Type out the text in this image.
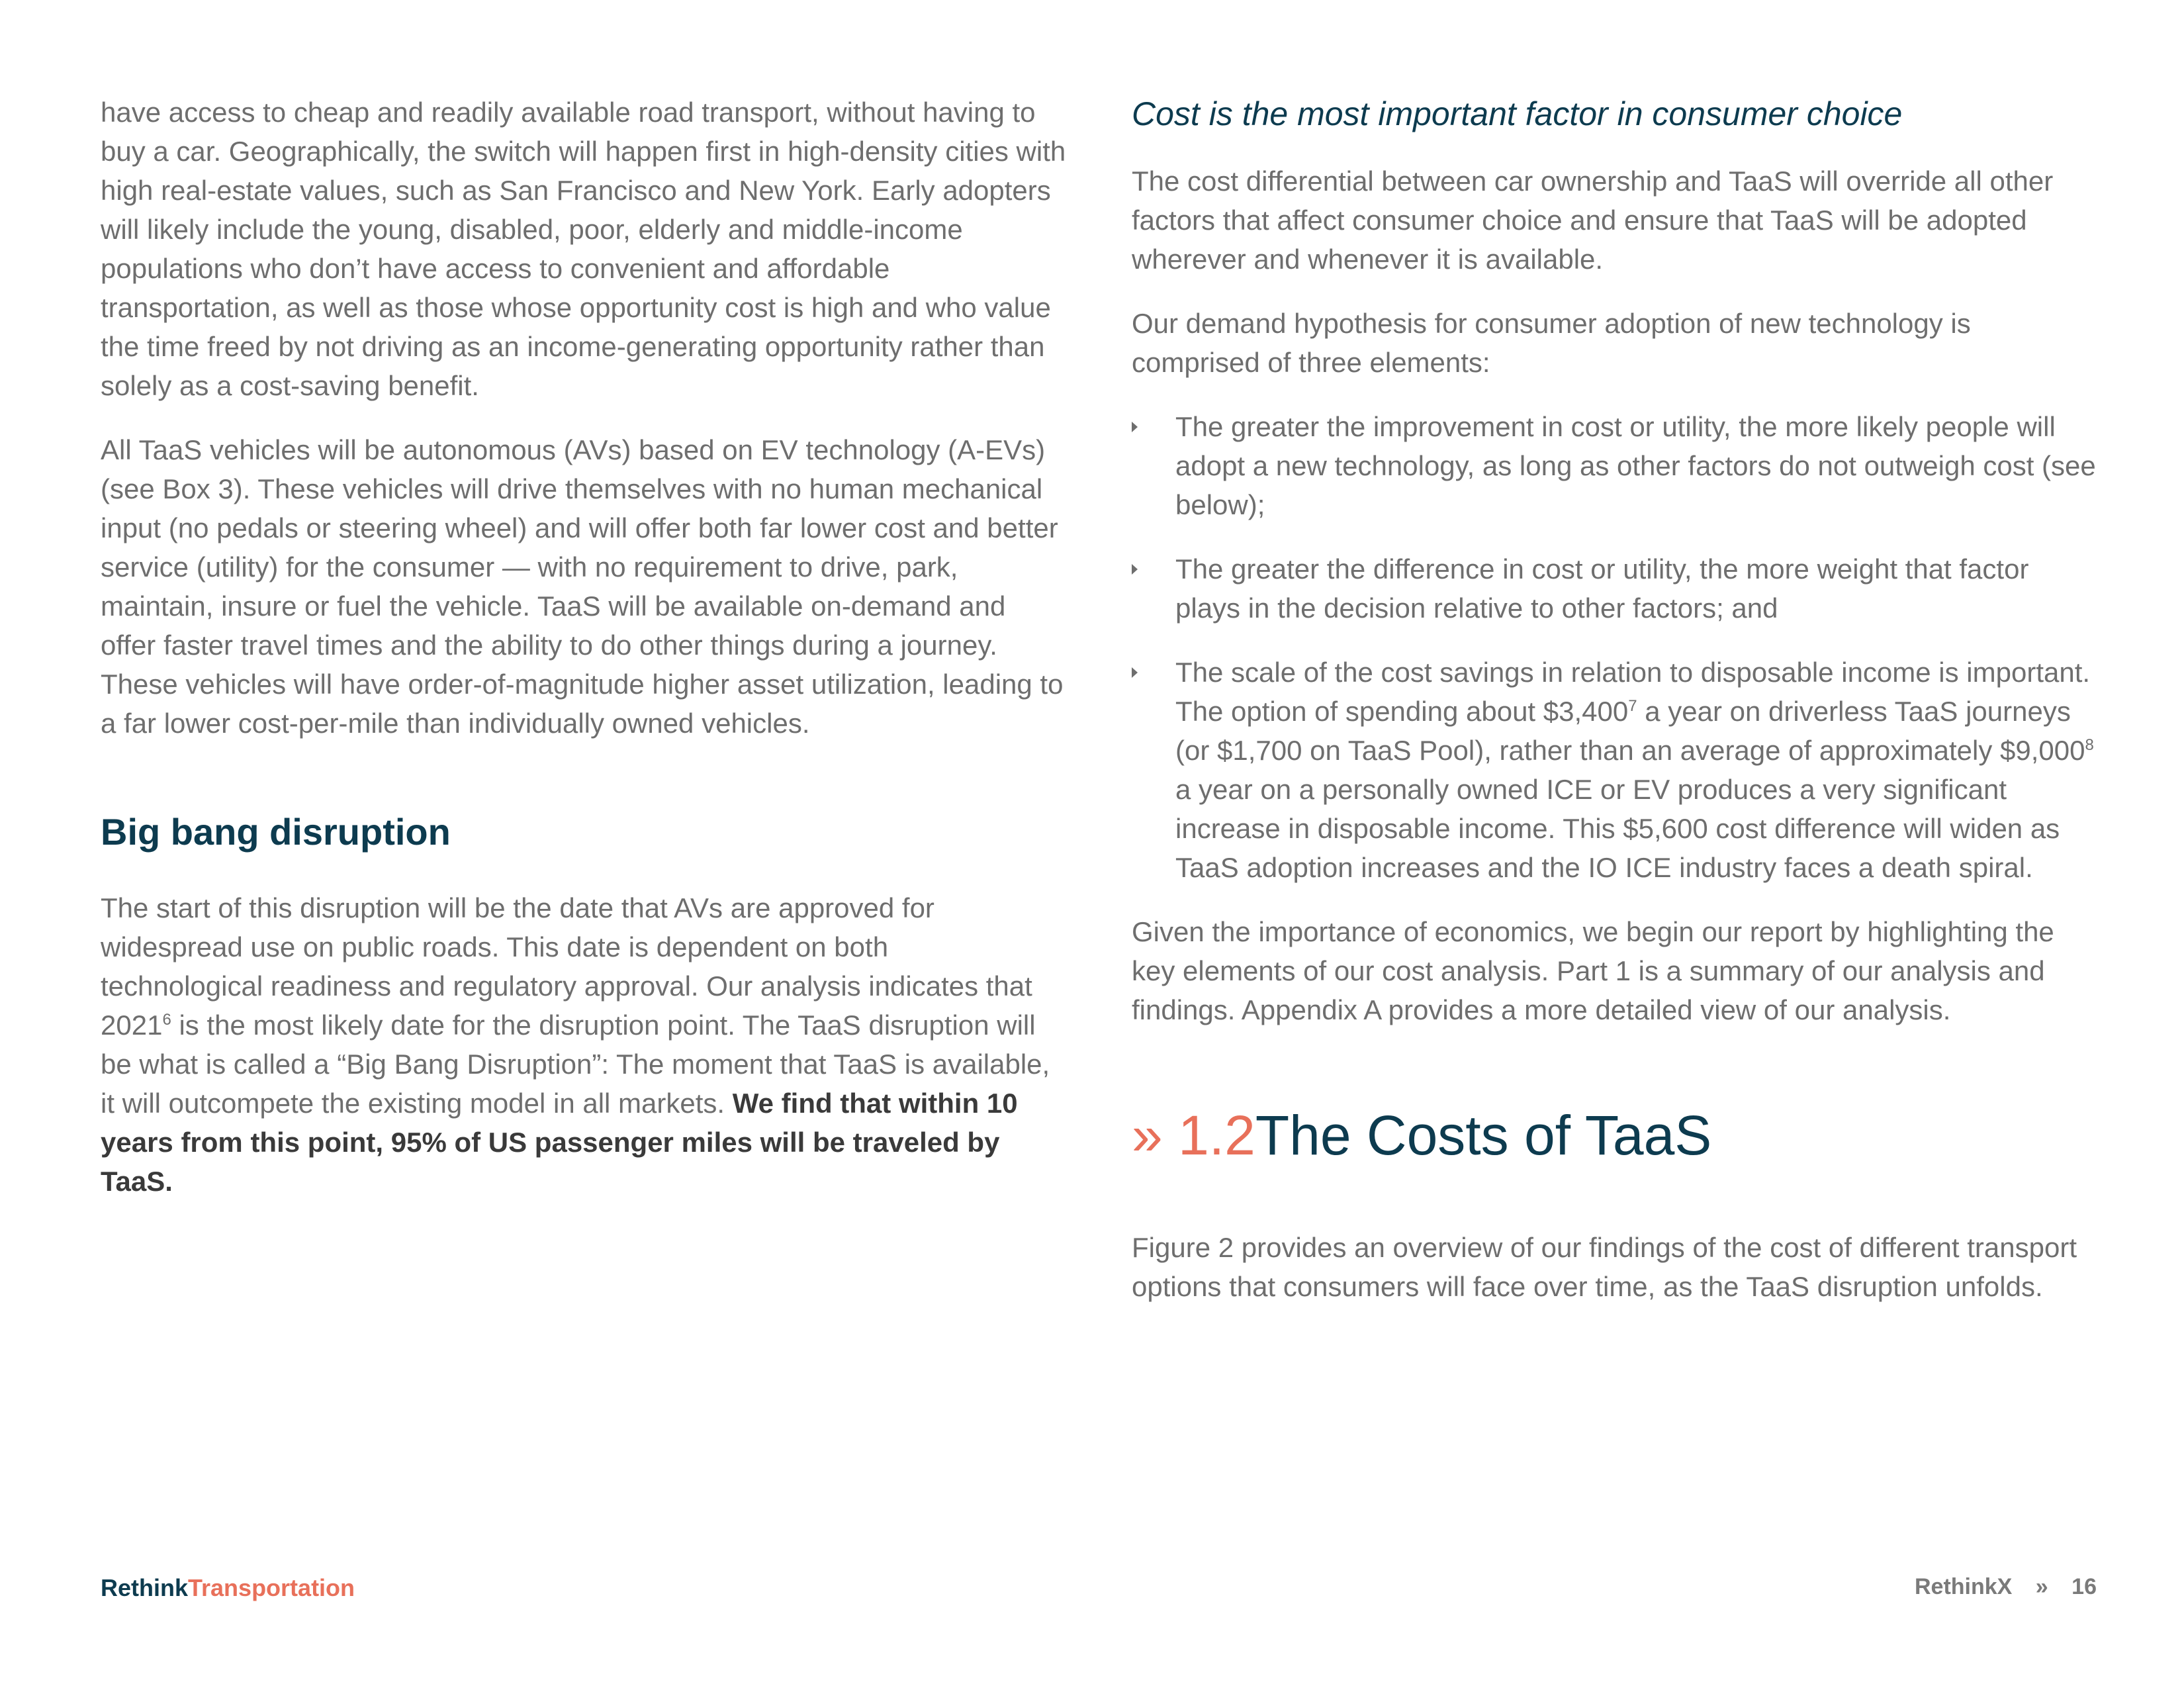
have access to cheap and readily available road transport, without having to buy a car. Geographically, the switch will happen first in high-density cities with high real-estate values, such as San Francisco and New York. Early adopters will likely include the young, disabled, poor, elderly and middle-income populations who don’t have access to convenient and affordable transportation, as well as those whose opportunity cost is high and who value the time freed by not driving as an income-generating opportunity rather than solely as a cost-saving benefit.

All TaaS vehicles will be autonomous (AVs) based on EV technology (A-EVs) (see Box 3). These vehicles will drive themselves with no human mechanical input (no pedals or steering wheel) and will offer both far lower cost and better service (utility) for the consumer — with no requirement to drive, park, maintain, insure or fuel the vehicle. TaaS will be available on-demand and offer faster travel times and the ability to do other things during a journey. These vehicles will have order-of-magnitude higher asset utilization, leading to a far lower cost-per-mile than individually owned vehicles.

Big bang disruption

The start of this disruption will be the date that AVs are approved for widespread use on public roads. This date is dependent on both technological readiness and regulatory approval. Our analysis indicates that 2021$^6$ is the most likely date for the disruption point. The TaaS disruption will be what is called a “Big Bang Disruption”: The moment that TaaS is available, it will outcompete the existing model in all markets. We find that within 10 years from this point, 95% of US passenger miles will be traveled by TaaS.

Cost is the most important factor in consumer choice

The cost differential between car ownership and TaaS will override all other factors that affect consumer choice and ensure that TaaS will be adopted wherever and whenever it is available.

Our demand hypothesis for consumer adoption of new technology is comprised of three elements:

The greater the improvement in cost or utility, the more likely people will adopt a new technology, as long as other factors do not outweigh cost (see below);
The greater the difference in cost or utility, the more weight that factor plays in the decision relative to other factors; and
The scale of the cost savings in relation to disposable income is important. The option of spending about $3,400$^7$ a year on driverless TaaS journeys (or $1,700 on TaaS Pool), rather than an average of approximately $9,000$^8$ a year on a personally owned ICE or EV produces a very significant increase in disposable income. This $5,600 cost difference will widen as TaaS adoption increases and the IO ICE industry faces a death spiral.

Given the importance of economics, we begin our report by highlighting the key elements of our cost analysis. Part 1 is a summary of our analysis and findings. Appendix A provides a more detailed view of our analysis.

» 1.2The Costs of TaaS

Figure 2 provides an overview of our findings of the cost of different transport options that consumers will face over time, as the TaaS disruption unfolds.

RethinkTransportation	RethinkX » 16
